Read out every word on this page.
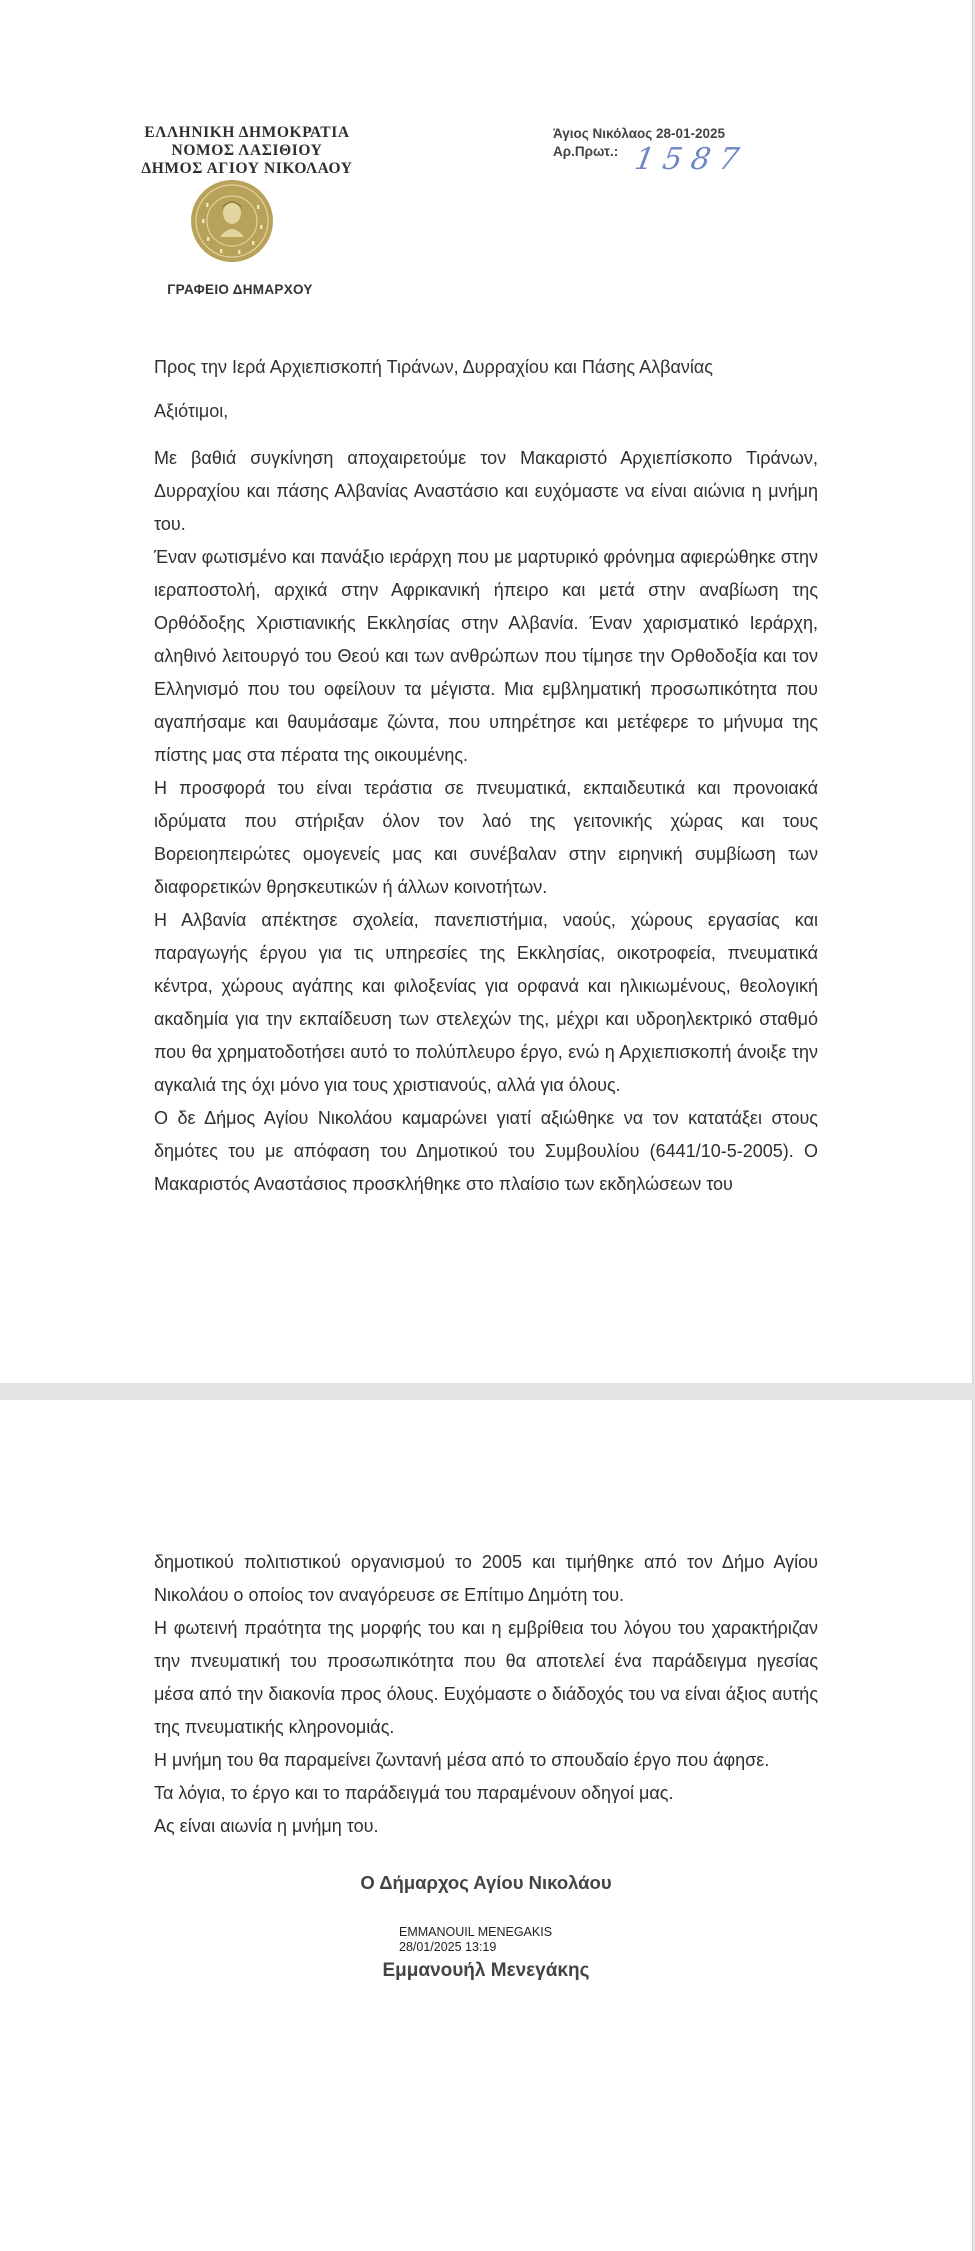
ΕΛΛΗΝΙΚΗ ΔΗΜΟΚΡΑΤΙΑ
ΝΟΜΟΣ ΛΑΣΙΘΙΟΥ
ΔΗΜΟΣ ΑΓΙΟΥ ΝΙΚΟΛΑΟΥ
ΓΡΑΦΕΙΟ ΔΗΜΑΡΧΟΥ
Άγιος Νικόλαος 28-01-2025
Αρ.Πρωτ.: 1587
Προς την Ιερά Αρχιεπισκοπή Τιράνων, Δυρραχίου και Πάσης Αλβανίας
Αξιότιμοι,

Με βαθιά συγκίνηση αποχαιρετούμε τον Μακαριστό Αρχιεπίσκοπο Τιράνων, Δυρραχίου και πάσης Αλβανίας Αναστάσιο και ευχόμαστε να είναι αιώνια η μνήμη του.

Έναν φωτισμένο και πανάξιο ιεράρχη που με μαρτυρικό φρόνημα αφιερώθηκε στην ιεραποστολή, αρχικά στην Αφρικανική ήπειρο και μετά στην αναβίωση της Ορθόδοξης Χριστιανικής Εκκλησίας στην Αλβανία. Έναν χαρισματικό Ιεράρχη, αληθινό λειτουργό του Θεού και των ανθρώπων που τίμησε την Ορθοδοξία και τον Ελληνισμό που του οφείλουν τα μέγιστα. Μια εμβληματική προσωπικότητα που αγαπήσαμε και θαυμάσαμε ζώντα, που υπηρέτησε και μετέφερε το μήνυμα της πίστης μας στα πέρατα της οικουμένης.

Η προσφορά του είναι τεράστια σε πνευματικά, εκπαιδευτικά και προνοιακά ιδρύματα που στήριξαν όλον τον λαό της γειτονικής χώρας και τους Βορειοηπειρώτες ομογενείς μας και συνέβαλαν στην ειρηνική συμβίωση των διαφορετικών θρησκευτικών ή άλλων κοινοτήτων.

Η Αλβανία απέκτησε σχολεία, πανεπιστήμια, ναούς, χώρους εργασίας και παραγωγής έργου για τις υπηρεσίες της Εκκλησίας, οικοτροφεία, πνευματικά κέντρα, χώρους αγάπης και φιλοξενίας για ορφανά και ηλικιωμένους, θεολογική ακαδημία για την εκπαίδευση των στελεχών της, μέχρι και υδροηλεκτρικό σταθμό που θα χρηματοδοτήσει αυτό το πολύπλευρο έργο, ενώ η Αρχιεπισκοπή άνοιξε την αγκαλιά της όχι μόνο για τους χριστιανούς, αλλά για όλους.

Ο δε Δήμος Αγίου Νικολάου καμαρώνει γιατί αξιώθηκε να τον κατατάξει στους δημότες του με απόφαση του Δημοτικού του Συμβουλίου (6441/10-5-2005). Ο Μακαριστός Αναστάσιος προσκλήθηκε στο πλαίσιο των εκδηλώσεων του

δημοτικού πολιτιστικού οργανισμού το 2005 και τιμήθηκε από τον Δήμο Αγίου Νικολάου ο οποίος τον αναγόρευσε σε Επίτιμο Δημότη του.

Η φωτεινή πραότητα της μορφής του και η εμβρίθεια του λόγου του χαρακτήριζαν την πνευματική του προσωπικότητα που θα αποτελεί ένα παράδειγμα ηγεσίας μέσα από την διακονία προς όλους. Ευχόμαστε ο διάδοχός του να είναι άξιος αυτής της πνευματικής κληρονομιάς.

Η μνήμη του θα παραμείνει ζωντανή μέσα από το σπουδαίο έργο που άφησε.

Τα λόγια, το έργο και το παράδειγμά του παραμένουν οδηγοί μας.

Ας είναι αιωνία η μνήμη του.

Ο Δήμαρχος Αγίου Νικολάου
EMMANOUIL MENEGAKIS
28/01/2025 13:19
Εμμανουήλ Μενεγάκης
